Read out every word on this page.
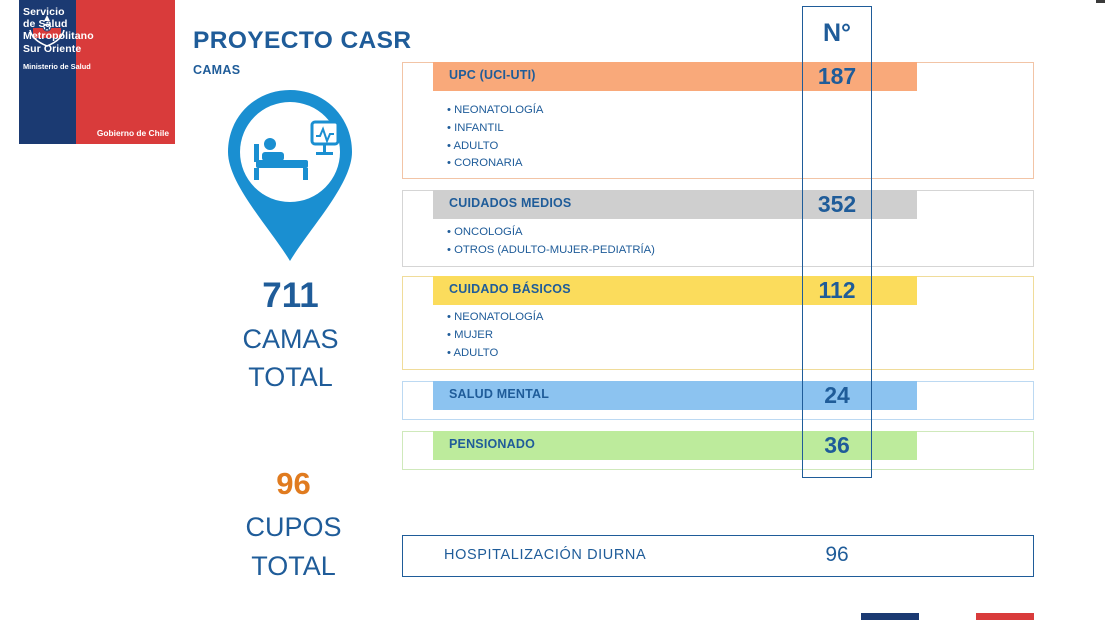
Servicio
de Salud
Metropolitano
Sur Oriente
Ministerio de Salud
Gobierno de Chile
PROYECTO CASR
CAMAS
711
CAMAS
TOTAL
96
CUPOS
TOTAL
UPC (UCI-UTI)	187
• NEONATOLOGÍA
• INFANTIL
• ADULTO
• CORONARIA
CUIDADOS MEDIOS	352
• ONCOLOGÍA
• OTROS (ADULTO-MUJER-PEDIATRÍA)
CUIDADO BÁSICOS	112
• NEONATOLOGÍA
• MUJER
• ADULTO
SALUD MENTAL	24
PENSIONADO	36
N°
HOSPITALIZACIÓN DIURNA	96
